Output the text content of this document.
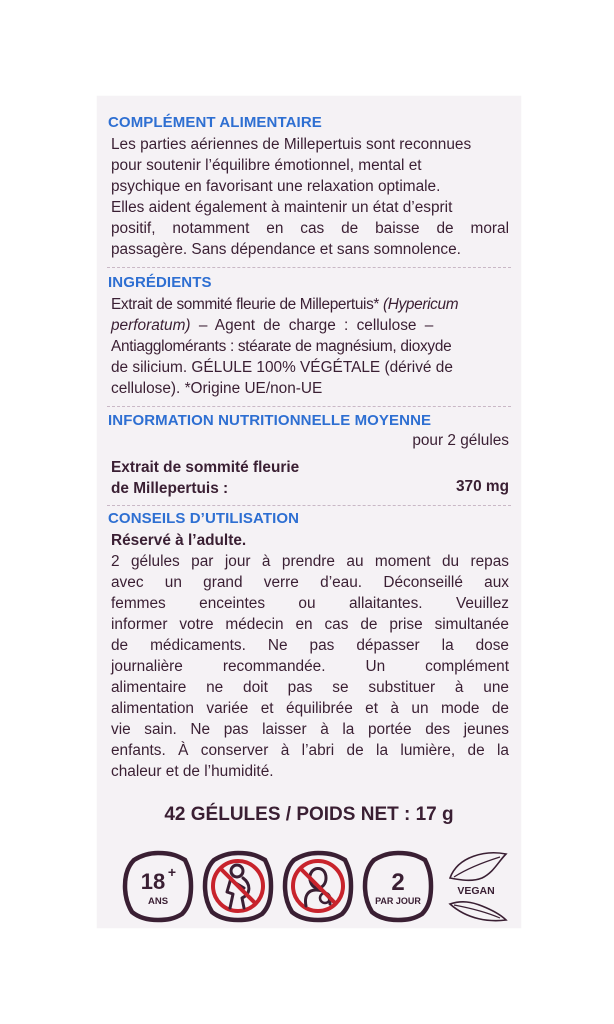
COMPLÉMENT ALIMENTAIRE
Les parties aériennes de Millepertuis sont reconnues
pour soutenir l’équilibre émotionnel, mental et
psychique en favorisant une relaxation optimale.
Elles aident également à maintenir un état d’esprit
positif, notamment en cas de baisse de moral
passagère. Sans dépendance et sans somnolence.
INGRÉDIENTS
Extrait de sommité fleurie de Millepertuis* (Hypericum
perforatum) – Agent de charge : cellulose –
Antiagglomérants : stéarate de magnésium, dioxyde
de silicium. GÉLULE 100% VÉGÉTALE (dérivé de
cellulose). *Origine UE/non-UE
INFORMATION NUTRITIONNELLE MOYENNE
pour 2 gélules
Extrait de sommité fleurie
de Millepertuis :	370 mg
CONSEILS D’UTILISATION
Réservé à l’adulte.
2 gélules par jour à prendre au moment du repas
avec un grand verre d’eau. Déconseillé aux
femmes enceintes ou allaitantes. Veuillez
informer votre médecin en cas de prise simultanée
de médicaments. Ne pas dépasser la dose
journalière recommandée. Un complément
alimentaire ne doit pas se substituer à une
alimentation variée et équilibrée et à un mode de
vie sain. Ne pas laisser à la portée des jeunes
enfants. À conserver à l’abri de la lumière, de la
chaleur et de l’humidité.
42 GÉLULES / POIDS NET : 17 g
18 +
ANS
2
PAR JOUR
VEGAN
